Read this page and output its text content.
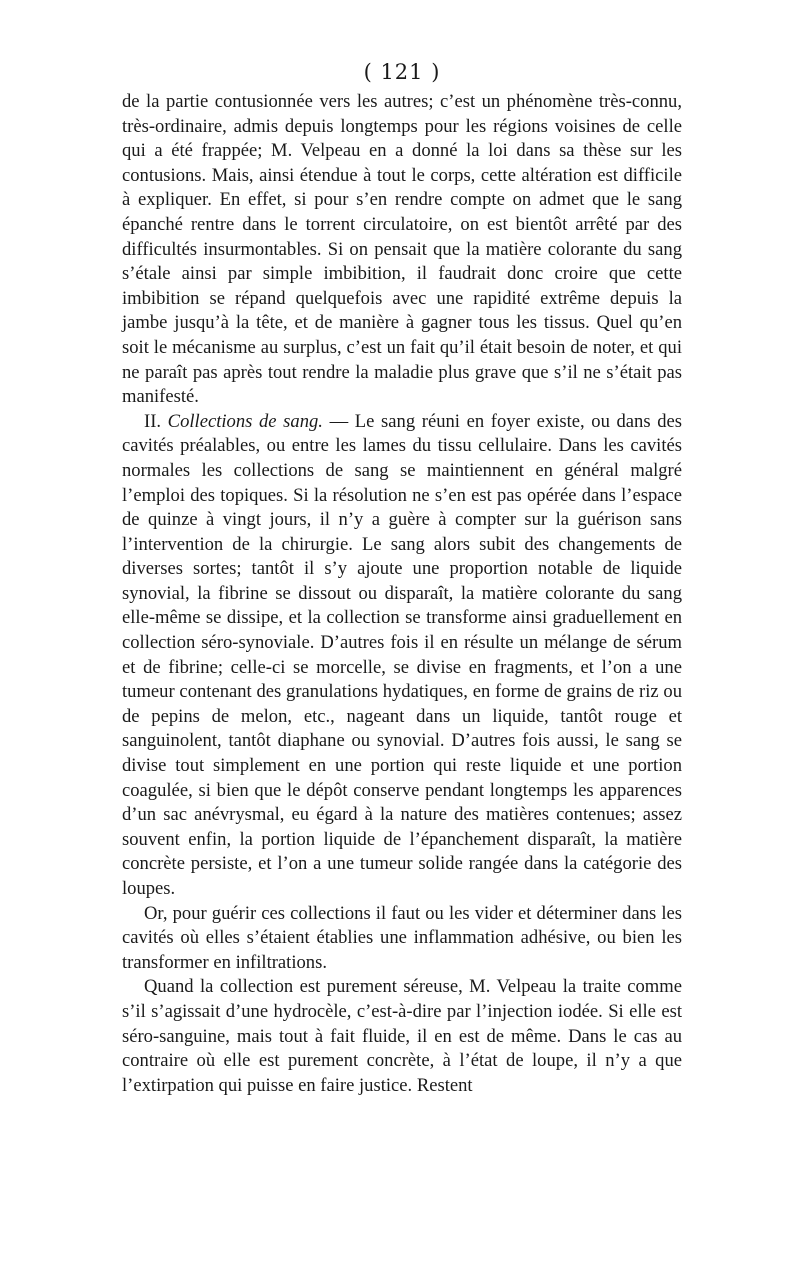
( 121 )

de la partie contusionnée vers les autres; c’est un phénomène très-connu, très-ordinaire, admis depuis longtemps pour les régions voisines de celle qui a été frappée; M. Velpeau en a donné la loi dans sa thèse sur les contusions. Mais, ainsi étendue à tout le corps, cette altération est difficile à expliquer. En effet, si pour s’en rendre compte on admet que le sang épanché rentre dans le torrent circulatoire, on est bientôt arrêté par des difficultés insurmontables. Si on pensait que la matière colorante du sang s’étale ainsi par simple imbibition, il faudrait donc croire que cette imbibition se répand quelquefois avec une rapidité extrême depuis la jambe jusqu’à la tête, et de manière à gagner tous les tissus. Quel qu’en soit le mécanisme au surplus, c’est un fait qu’il était besoin de noter, et qui ne paraît pas après tout rendre la maladie plus grave que s’il ne s’était pas manifesté.

II. Collections de sang. — Le sang réuni en foyer existe, ou dans des cavités préalables, ou entre les lames du tissu cellulaire. Dans les cavités normales les collections de sang se maintiennent en général malgré l’emploi des topiques. Si la résolution ne s’en est pas opérée dans l’espace de quinze à vingt jours, il n’y a guère à compter sur la guérison sans l’intervention de la chirurgie. Le sang alors subit des changements de diverses sortes; tantôt il s’y ajoute une proportion notable de liquide synovial, la fibrine se dissout ou disparaît, la matière colorante du sang elle-même se dissipe, et la collection se transforme ainsi graduellement en collection séro-synoviale. D’autres fois il en résulte un mélange de sérum et de fibrine; celle-ci se morcelle, se divise en fragments, et l’on a une tumeur contenant des granulations hydatiques, en forme de grains de riz ou de pepins de melon, etc., nageant dans un liquide, tantôt rouge et sanguinolent, tantôt diaphane ou synovial. D’autres fois aussi, le sang se divise tout simplement en une portion qui reste liquide et une portion coagulée, si bien que le dépôt conserve pendant longtemps les apparences d’un sac anévrysmal, eu égard à la nature des matières contenues; assez souvent enfin, la portion liquide de l’épanchement disparaît, la matière concrète persiste, et l’on a une tumeur solide rangée dans la catégorie des loupes.

Or, pour guérir ces collections il faut ou les vider et déterminer dans les cavités où elles s’étaient établies une inflammation adhésive, ou bien les transformer en infiltrations.

Quand la collection est purement séreuse, M. Velpeau la traite comme s’il s’agissait d’une hydrocèle, c’est-à-dire par l’injection iodée. Si elle est séro-sanguine, mais tout à fait fluide, il en est de même. Dans le cas au contraire où elle est purement concrète, à l’état de loupe, il n’y a que l’extirpation qui puisse en faire justice. Restent
